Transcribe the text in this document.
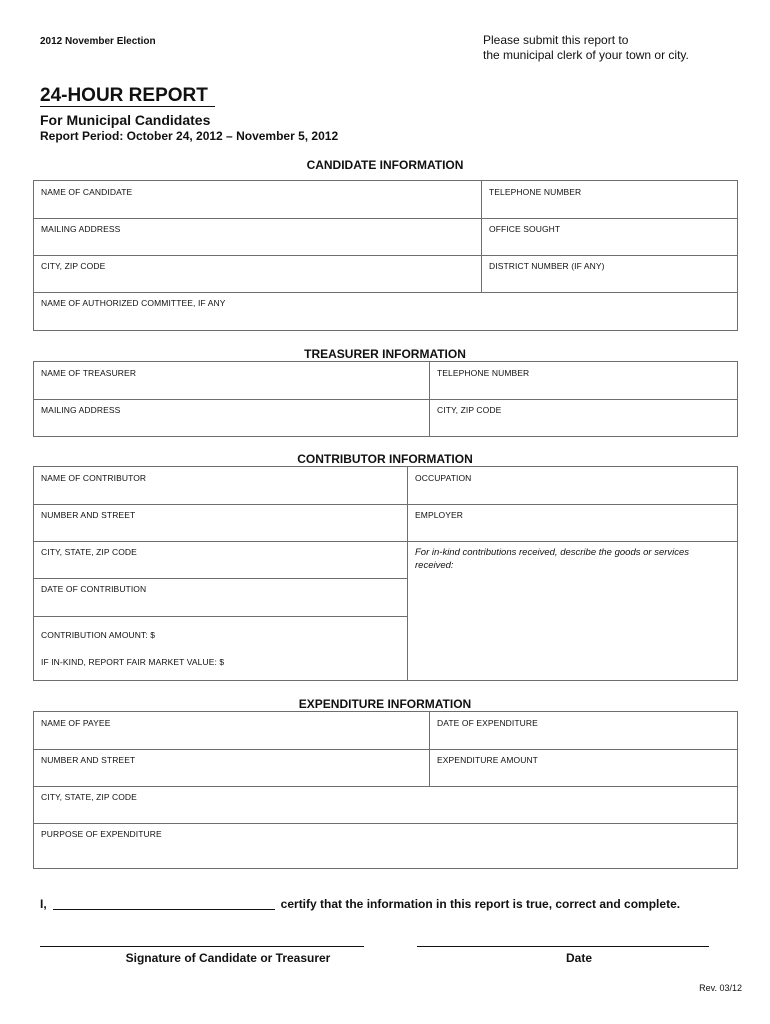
2012 November Election	Please submit this report to
the municipal clerk of your town or city.
24-HOUR REPORT
For Municipal Candidates
Report Period: October 24, 2012 – November 5, 2012
CANDIDATE INFORMATION
NAME OF CANDIDATE	TELEPHONE NUMBER
MAILING ADDRESS	OFFICE SOUGHT
CITY, ZIP CODE	DISTRICT NUMBER (IF ANY)
NAME OF AUTHORIZED COMMITTEE, IF ANY
TREASURER INFORMATION
NAME OF TREASURER	TELEPHONE NUMBER
MAILING ADDRESS	CITY, ZIP CODE
CONTRIBUTOR INFORMATION
NAME OF CONTRIBUTOR	OCCUPATION
NUMBER AND STREET	EMPLOYER
CITY, STATE, ZIP CODE	For in-kind contributions received, describe the goods or services received:
DATE OF CONTRIBUTION
CONTRIBUTION AMOUNT: $
IF IN-KIND, REPORT FAIR MARKET VALUE: $
EXPENDITURE INFORMATION
NAME OF PAYEE	DATE OF EXPENDITURE
NUMBER AND STREET	EXPENDITURE AMOUNT
CITY, STATE, ZIP CODE
PURPOSE OF EXPENDITURE
I,	certify that the information in this report is true, correct and complete.
Signature of Candidate or Treasurer	Date
Rev. 03/12
